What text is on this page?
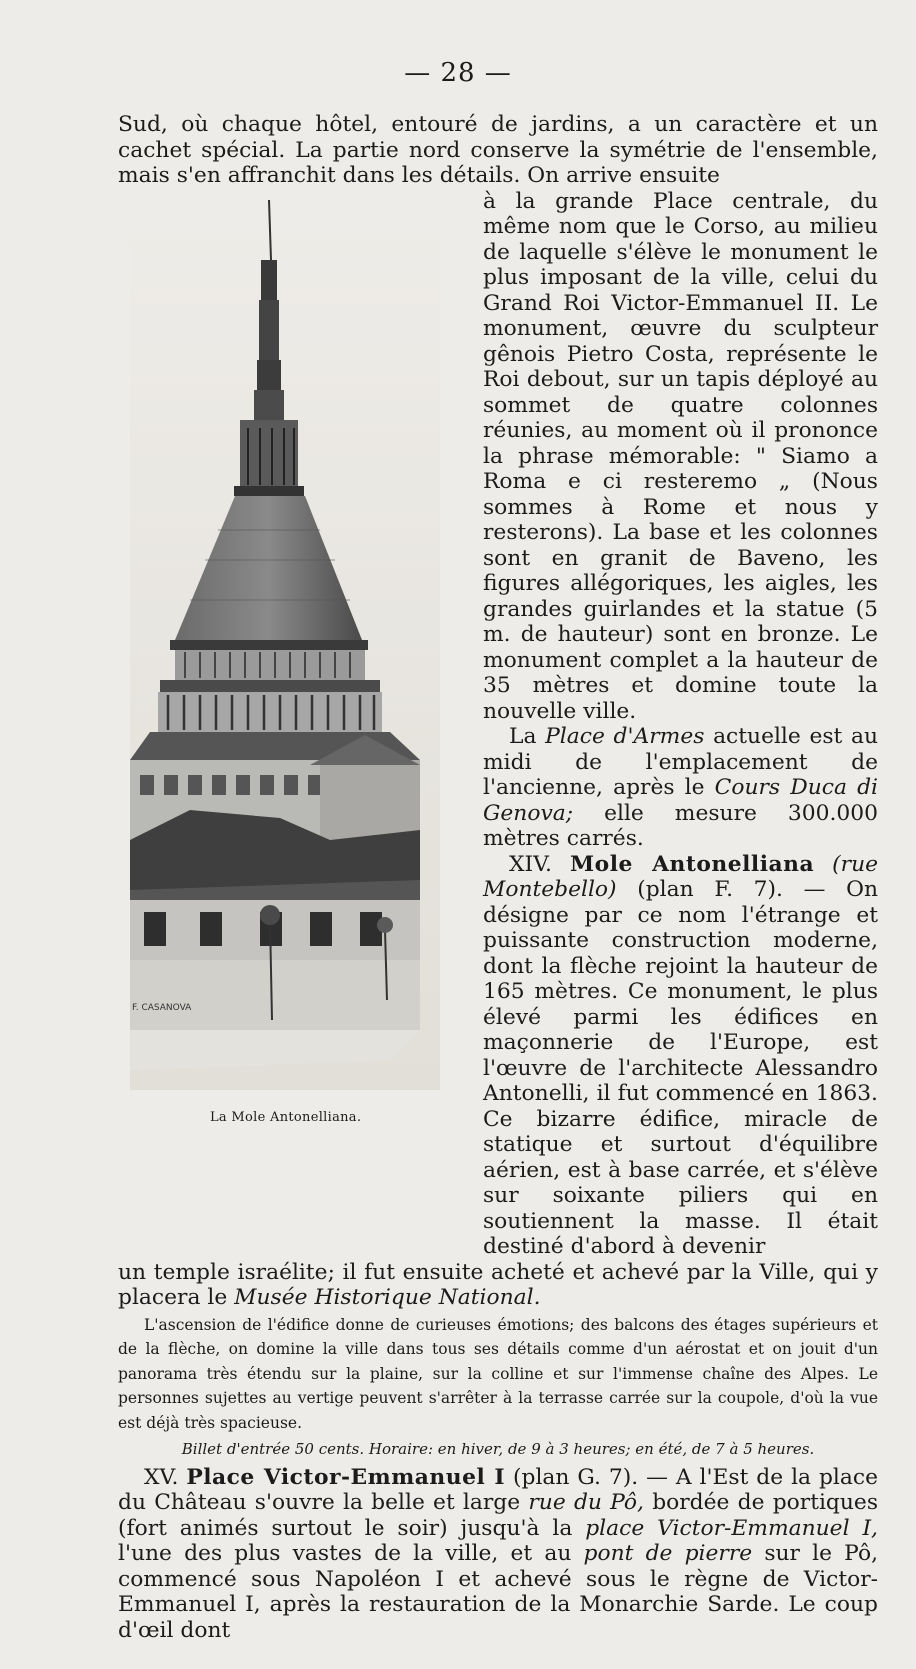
— 28 —
F. CASANOVA
La Mole Antonelliana.

Sud, où chaque hôtel, entouré de jardins, a un caractère et un cachet spécial. La partie nord conserve la symétrie de l'ensemble, mais s'en affranchit dans les détails. On arrive ensuite

à la grande Place centrale, du même nom que le Corso, au milieu de laquelle s'élève le monument le plus imposant de la ville, celui du Grand Roi Victor-Emmanuel II. Le monument, œuvre du sculpteur gênois Pietro Costa, représente le Roi debout, sur un tapis déployé au sommet de quatre colonnes réunies, au moment où il prononce la phrase mémorable: " Siamo a Roma e ci resteremo „ (Nous sommes à Rome et nous y resterons). La base et les colonnes sont en granit de Baveno, les figures allégoriques, les aigles, les grandes guirlandes et la statue (5 m. de hauteur) sont en bronze. Le monument complet a la hauteur de 35 mètres et domine toute la nouvelle ville.

La Place d'Armes actuelle est au midi de l'emplacement de l'ancienne, après le Cours Duca di Genova; elle mesure 300.000 mètres carrés.

XIV. Mole Antonelliana (rue Montebello) (plan F. 7). — On désigne par ce nom l'étrange et puissante construction moderne, dont la flèche rejoint la hauteur de 165 mètres. Ce monument, le plus élevé parmi les édifices en maçonnerie de l'Europe, est l'œuvre de l'architecte Alessandro Antonelli, il fut commencé en 1863. Ce bizarre édifice, miracle de statique et surtout d'équilibre aérien, est à base carrée, et s'élève sur soixante piliers qui en soutiennent la masse. Il était destiné d'abord à devenir

un temple israélite; il fut ensuite acheté et achevé par la Ville, qui y placera le Musée Historique National.

L'ascension de l'édifice donne de curieuses émotions; des balcons des étages supérieurs et de la flèche, on domine la ville dans tous ses détails comme d'un aérostat et on jouit d'un panorama très étendu sur la plaine, sur la colline et sur l'immense chaîne des Alpes. Le personnes sujettes au vertige peuvent s'arrêter à la terrasse carrée sur la coupole, d'où la vue est déjà très spacieuse.

Billet d'entrée 50 cents. Horaire: en hiver, de 9 à 3 heures; en été, de 7 à 5 heures.

XV. Place Victor-Emmanuel I (plan G. 7). — A l'Est de la place du Château s'ouvre la belle et large rue du Pô, bordée de portiques (fort animés surtout le soir) jusqu'à la place Victor-Emmanuel I, l'une des plus vastes de la ville, et au pont de pierre sur le Pô, commencé sous Napoléon I et achevé sous le règne de Victor-Emmanuel I, après la restauration de la Monarchie Sarde. Le coup d'œil dont
